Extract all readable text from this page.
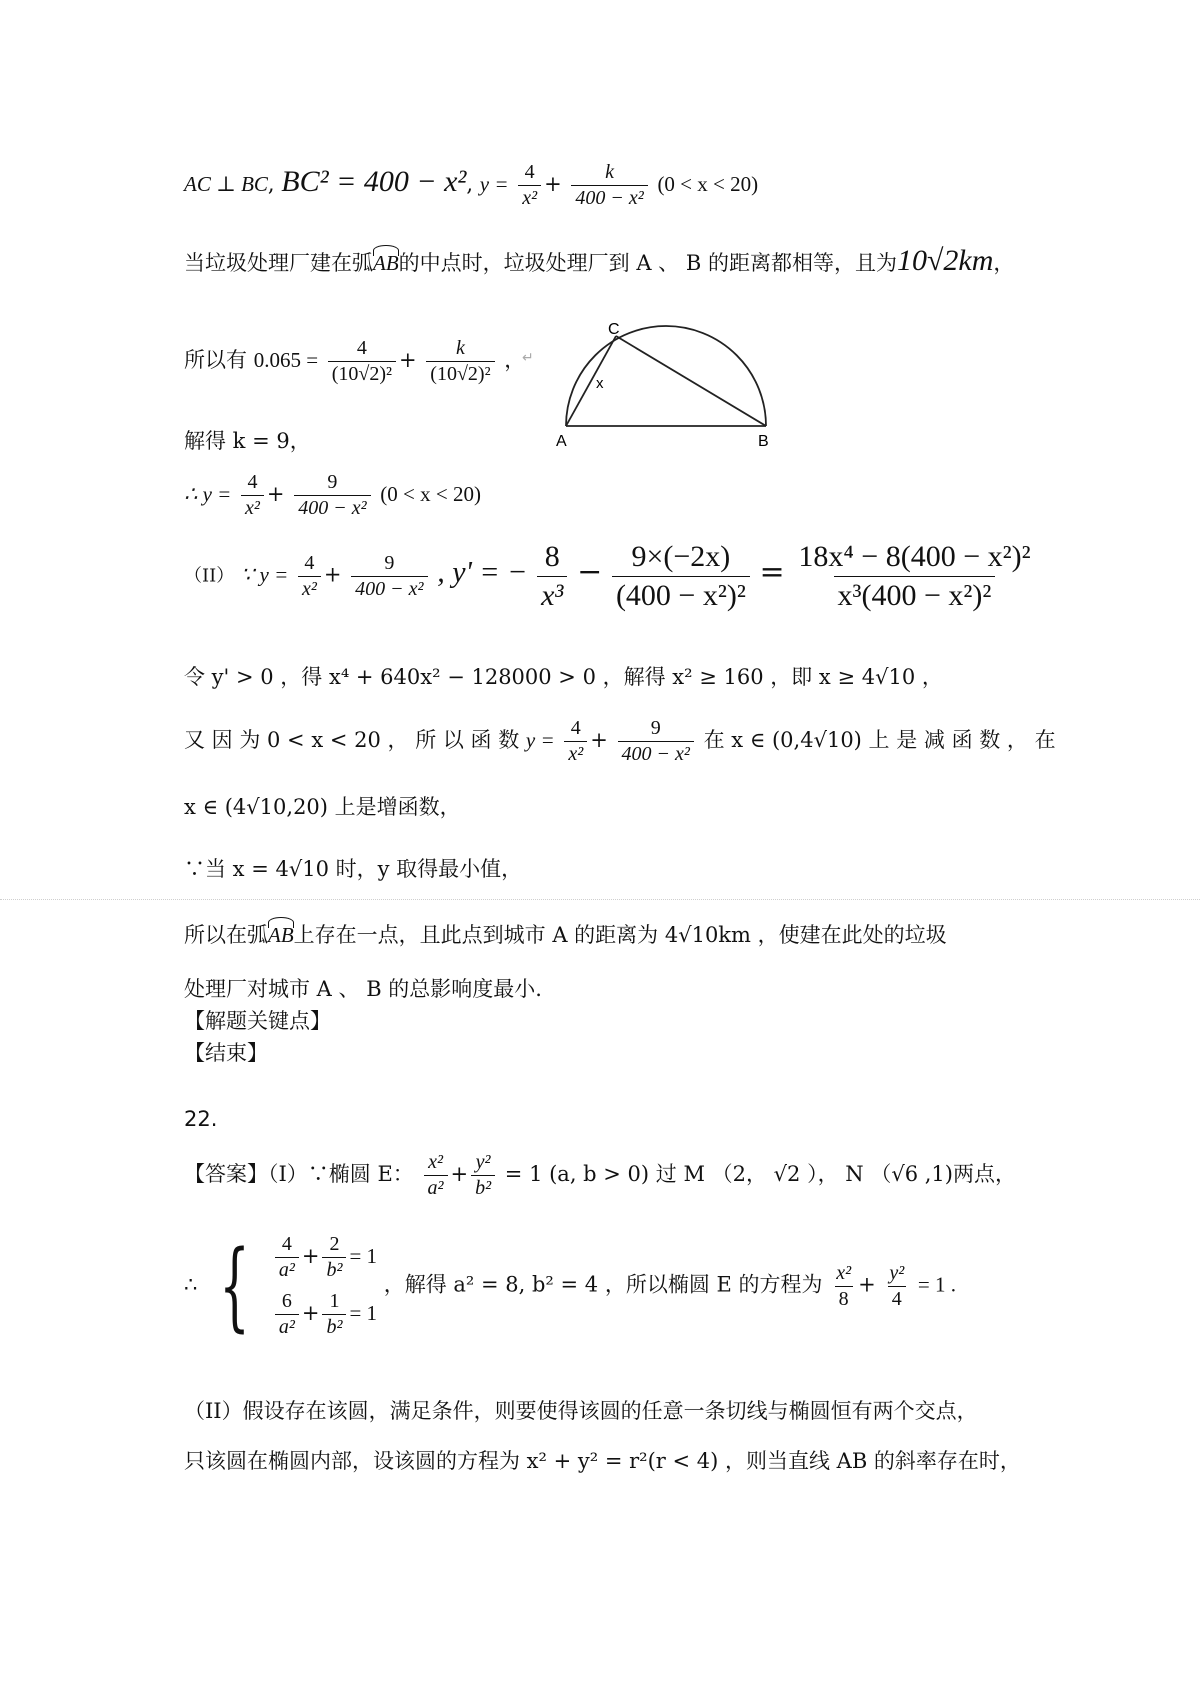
AC ⊥ BC, BC² = 400 − x², $y = \frac{4}{\text{x²}} + \frac{k}{\text{400 − x²}} (0 < x < 20)$
当垃圾处理厂建在弧AB的中点时，垃圾处理厂到 A 、 B 的距离都相等，且为10√2km，
所以有 $0.065 = \frac{4}{\text{(10√2)²}} + \frac{k}{\text{(10√2)²}}$ ，
A	B
C
x
↵
解得 k = 9，
∴ $y = \frac{4}{\text{x²}} + \frac{9}{\text{400 − x²}} (0 < x < 20)$
（II） ∵ $y = \frac{4}{\text{x²}} + \frac{9}{\text{400 − x²}}$ , y' = − $\frac{8}{\text{x³}} - \frac{9\times(-2x)}{\text{(400 − x²)²}} = \frac{\text{18x⁴ − 8(400 − x²)²}}{\text{x³(400 − x²)²}}$
令 y' > 0 ，得 x⁴ + 640x² − 128000 > 0 ，解得 x² ≥ 160 ，即 x ≥ 4√10 ，
又 因 为 0 < x < 20 ， 所 以 函 数 $y = \frac{4}{\text{x²}} + \frac{9}{\text{400 − x²}}$ 在 x ∈ (0,4√10) 上 是 减 函 数 ， 在
x ∈ (4√10,20) 上是增函数，
∵当 x = 4√10 时，y 取得最小值，
所以在弧AB上存在一点，且此点到城市 A 的距离为 4√10km ，使建在此处的垃圾
处理厂对城市 A 、 B 的总影响度最小.
【解题关键点】
【结束】
22.
【答案】（I）∵椭圆 E： $\frac{\text{x²}}{\text{a²}} + \frac{\text{y²}}{\text{b²}} = 1$ (a, b > 0) 过 M （2， √2 ）， N （√6 ,1)两点，
∴ { $\frac{4}{\text{a²}} + \frac{2}{\text{b²}} = 1$
$\frac{6}{\text{a²}} + \frac{1}{\text{b²}} = 1$
，解得 a² = 8, b² = 4 ，所以椭圆 E 的方程为 $\frac{\text{x²}}{8} + \frac{\text{y²}}{4} = 1$ .
（II）假设存在该圆，满足条件，则要使得该圆的任意一条切线与椭圆恒有两个交点，
只该圆在椭圆内部，设该圆的方程为 x² + y² = r²(r < 4) ，则当直线 AB 的斜率存在时，
